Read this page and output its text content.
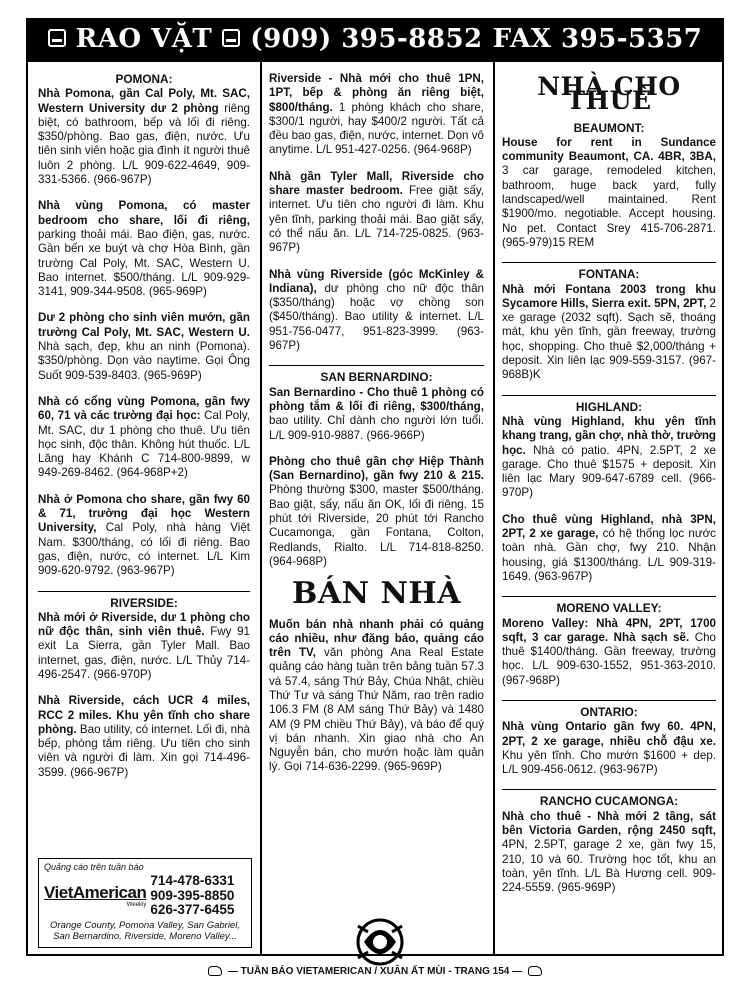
RAO VẶT (909) 395-8852 FAX 395-5357
POMONA:

Nhà Pomona, gần Cal Poly, Mt. SAC, Western University dư 2 phòng riêng biệt, có bathroom, bếp và lối đi riêng. $350/phòng. Bao gas, điện, nước. Ưu tiên sinh viên hoặc gia đình ít người thuê luôn 2 phòng. L/L 909-622-4649, 909-331-5366. (966-967P)

Nhà vùng Pomona, có master bedroom cho share, lối đi riêng, parking thoải mái. Bao điện, gas, nước. Gần bến xe buýt và chợ Hòa Bình, gần trường Cal Poly, Mt. SAC, Western U. Bao internet. $500/tháng. L/L 909-929-3141, 909-344-9508. (965-969P)

Dư 2 phòng cho sinh viên mướn, gần trường Cal Poly, Mt. SAC, Western U. Nhà sạch, đẹp, khu an ninh (Pomona). $350/phòng. Dọn vào naytime. Gọi Ông Suốt 909-539-8403. (965-969P)

Nhà có cổng vùng Pomona, gần fwy 60, 71 và các trường đại học: Cal Poly, Mt. SAC, dư 1 phòng cho thuê. Ưu tiên học sinh, độc thân. Không hút thuốc. L/L Lăng hay Khánh C 714-800-9899, w 949-269-8462. (964-968P+2)

Nhà ở Pomona cho share, gần fwy 60 & 71, trường đại học Western University, Cal Poly, nhà hàng Việt Nam. $300/tháng, có lối đi riêng. Bao gas, điện, nước, có internet. L/L Kim 909-620-9792. (963-967P)

RIVERSIDE:

Nhà mới ở Riverside, dư 1 phòng cho nữ độc thân, sinh viên thuê. Fwy 91 exit La Sierra, gần Tyler Mall. Bao internet, gas, điện, nước. L/L Thủy 714-496-2547. (966-970P)

Nhà Riverside, cách UCR 4 miles, RCC 2 miles. Khu yên tĩnh cho share phòng. Bao utility, có internet. Lối đi, nhà bếp, phòng tắm riêng. Ưu tiên cho sinh viên và người đi làm. Xin gọi 714-496-3599. (966-967P)

Quảng cáo trên tuần báo
VietAmerican
Weekly
714-478-6331
909-395-8850
626-377-6455
Orange County, Pomona Valley, San Gabriel, San Bernardino, Riverside, Moreno Valley...

Riverside - Nhà mới cho thuê 1PN, 1PT, bếp & phòng ăn riêng biệt, $800/tháng. 1 phòng khách cho share, $300/1 người, hay $400/2 người. Tất cả đều bao gas, điện, nước, internet. Dọn vô anytime. L/L 951-427-0256. (964-968P)

Nhà gần Tyler Mall, Riverside cho share master bedroom. Free giặt sấy, internet. Ưu tiên cho người đi làm. Khu yên tĩnh, parking thoải mái. Bao giặt sấy, có thể nấu ăn. L/L 714-725-0825. (963-967P)

Nhà vùng Riverside (góc McKinley & Indiana), dư phòng cho nữ độc thân ($350/tháng) hoặc vợ chồng son ($450/tháng). Bao utility & internet. L/L 951-756-0477, 951-823-3999. (963-967P)

SAN BERNARDINO:

San Bernardino - Cho thuê 1 phòng có phòng tắm & lối đi riêng, $300/tháng, bao utility. Chỉ dành cho người lớn tuổi. L/L 909-910-9887. (966-966P)

Phòng cho thuê gần chợ Hiệp Thành (San Bernardino), gần fwy 210 & 215. Phòng thường $300, master $500/tháng. Bao giặt, sấy, nấu ăn OK, lối đi riêng. 15 phút tới Riverside, 20 phút tới Rancho Cucamonga, gần Fontana, Colton, Redlands, Rialto. L/L 714-818-8250. (964-968P)

BÁN NHÀ

Muốn bán nhà nhanh phải có quảng cáo nhiều, như đăng báo, quảng cáo trên TV, văn phòng Ana Real Estate quảng cáo hàng tuần trên bảng tuần 57.3 và 57.4, sáng Thứ Bảy, Chúa Nhật, chiều Thứ Tư và sáng Thứ Năm, rao trên radio 106.3 FM (8 AM sáng Thứ Bảy) và 1480 AM (9 PM chiều Thứ Bảy), và báo để quý vị bán nhanh. Xin giao nhà cho An Nguyễn bán, cho mướn hoặc làm quản lý. Gọi 714-636-2299. (965-969P)

NHÀ CHO THUÊ
BEAUMONT:

House for rent in Sundance community Beaumont, CA. 4BR, 3BA, 3 car garage, remodeled kitchen, bathroom, huge back yard, fully landscaped/well maintained. Rent $1900/mo. negotiable. Accept housing. No pet. Contact Srey 415-706-2871. (965-979)15 REM

FONTANA:

Nhà mới Fontana 2003 trong khu Sycamore Hills, Sierra exit. 5PN, 2PT, 2 xe garage (2032 sqft). Sạch sẽ, thoáng mát, khu yên tĩnh, gần freeway, trường học, shopping. Cho thuê $2,000/tháng + deposit. Xin liên lạc 909-559-3157. (967-968B)K

HIGHLAND:

Nhà vùng Highland, khu yên tĩnh khang trang, gần chợ, nhà thờ, trường học. Nhà có patio. 4PN, 2.5PT, 2 xe garage. Cho thuê $1575 + deposit. Xin liên lạc Mary 909-647-6789 cell. (966-970P)

Cho thuê vùng Highland, nhà 3PN, 2PT, 2 xe garage, có hệ thống lọc nước toàn nhà. Gần chợ, fwy 210. Nhận housing, giá $1300/tháng. L/L 909-319-1649. (963-967P)

MORENO VALLEY:

Moreno Valley: Nhà 4PN, 2PT, 1700 sqft, 3 car garage. Nhà sạch sẽ. Cho thuê $1400/tháng. Gần freeway, trường học. L/L 909-630-1552, 951-363-2010. (967-968P)

ONTARIO:

Nhà vùng Ontario gần fwy 60. 4PN, 2PT, 2 xe garage, nhiều chỗ đậu xe. Khu yên tĩnh. Cho mướn $1600 + dep. L/L 909-456-0612. (963-967P)

RANCHO CUCAMONGA:

Nhà cho thuê - Nhà mới 2 tầng, sát bên Victoria Garden, rộng 2450 sqft, 4PN, 2.5PT, garage 2 xe, gần fwy 15, 210, 10 và 60. Trường học tốt, khu an toàn, yên tĩnh. L/L Bà Hương cell. 909-224-5559. (965-969P)

— TUẦN BÁO VIETAMERICAN / XUÂN ẤT MÙI - TRANG 154 —
